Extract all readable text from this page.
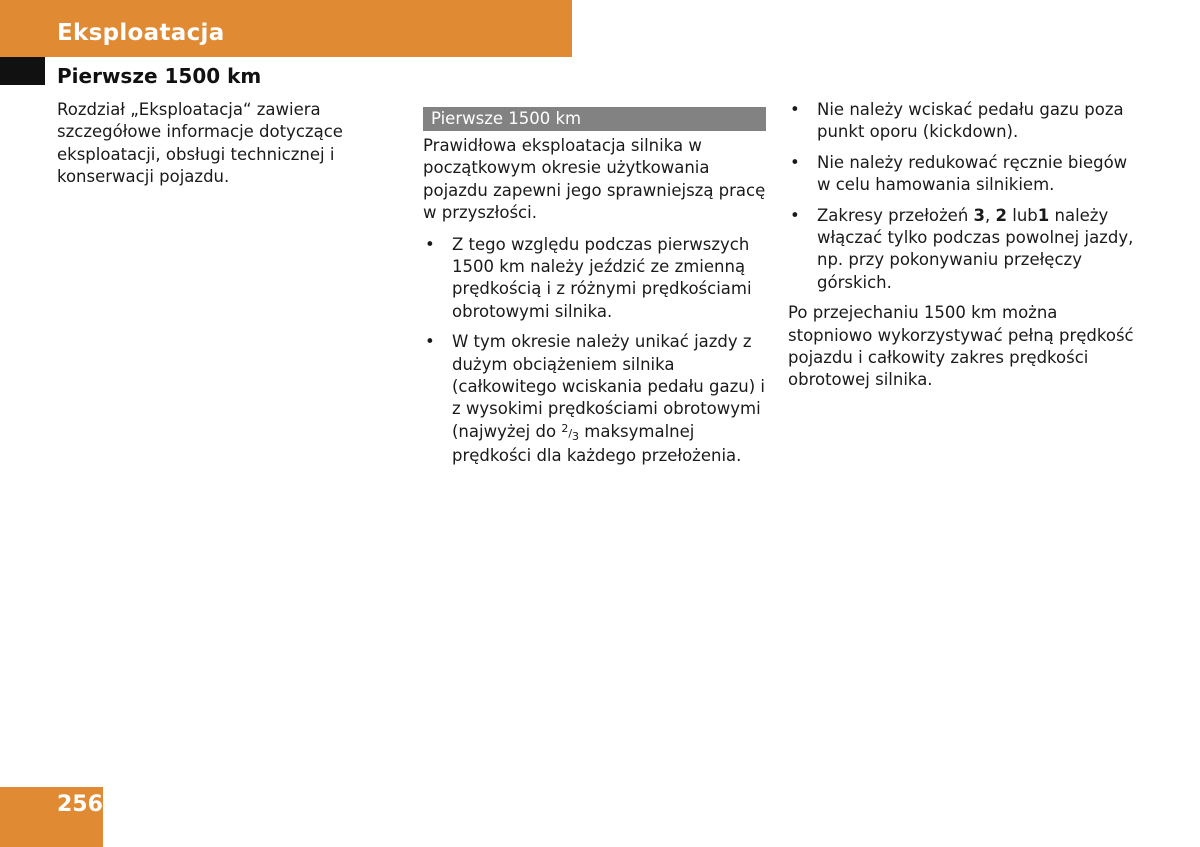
Eksploatacja
Pierwsze 1500 km

Rozdział „Eksploatacja“ zawiera szczegółowe informacje dotyczące eksploatacji, obsługi technicznej i konserwacji pojazdu.

Pierwsze 1500 km

Prawidłowa eksploatacja silnika w początkowym okresie użytkowania pojazdu zapewni jego sprawniejszą pracę w przyszłości.

• Z tego względu podczas pierwszych 1500 km należy jeździć ze zmienną prędkością i z różnymi prędkościami obrotowymi silnika.
• W tym okresie należy unikać jazdy z dużym obciążeniem silnika (całkowitego wciskania pedału gazu) i z wysokimi prędkościami obrotowymi (najwyżej do 2/3 maksymalnej prędkości dla każdego przełożenia.
• Nie należy wciskać pedału gazu poza punkt oporu (kickdown).
• Nie należy redukować ręcznie biegów w celu hamowania silnikiem.
• Zakresy przełożeń 3, 2 lub1 należy włączać tylko podczas powolnej jazdy, np. przy pokonywaniu przełęczy górskich.

Po przejechaniu 1500 km można stopniowo wykorzystywać pełną prędkość pojazdu i całkowity zakres prędkości obrotowej silnika.

256
